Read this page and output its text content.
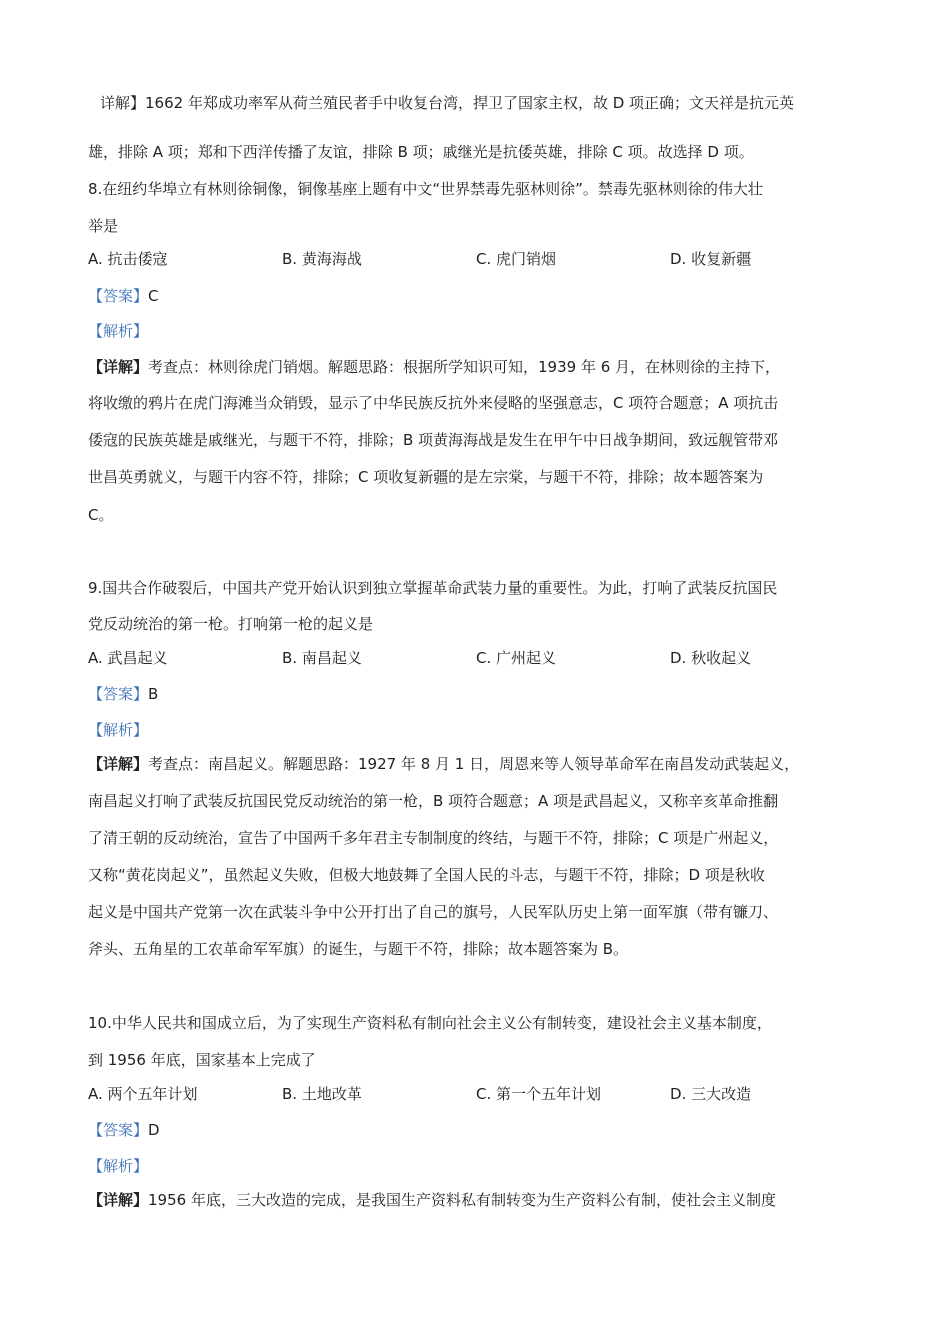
详解】1662 年郑成功率军从荷兰殖民者手中收复台湾，捍卫了国家主权，故 D 项正确；文天祥是抗元英
雄，排除 A 项；郑和下西洋传播了友谊，排除 B 项；戚继光是抗倭英雄，排除 C 项。故选择 D 项。
8.在纽约华埠立有林则徐铜像，铜像基座上题有中文“世界禁毒先驱林则徐”。禁毒先驱林则徐的伟大壮
举是
A. 抗击倭寇	B. 黄海海战	C. 虎门销烟	D. 收复新疆
【答案】C
【解析】
【详解】考查点：林则徐虎门销烟。解题思路：根据所学知识可知，1939 年 6 月，在林则徐的主持下，
将收缴的鸦片在虎门海滩当众销毁，显示了中华民族反抗外来侵略的坚强意志，C 项符合题意；A 项抗击
倭寇的民族英雄是戚继光，与题干不符，排除；B 项黄海海战是发生在甲午中日战争期间，致远舰管带邓
世昌英勇就义，与题干内容不符，排除；C 项收复新疆的是左宗棠，与题干不符，排除；故本题答案为
C。
9.国共合作破裂后，中国共产党开始认识到独立掌握革命武装力量的重要性。为此，打响了武装反抗国民
党反动统治的第一枪。打响第一枪的起义是
A. 武昌起义	B. 南昌起义	C. 广州起义	D. 秋收起义
【答案】B
【解析】
【详解】考查点：南昌起义。解题思路：1927 年 8 月 1 日，周恩来等人领导革命军在南昌发动武装起义，
南昌起义打响了武装反抗国民党反动统治的第一枪，B 项符合题意；A 项是武昌起义，又称辛亥革命推翻
了清王朝的反动统治，宣告了中国两千多年君主专制制度的终结，与题干不符，排除；C 项是广州起义，
又称“黄花岗起义”，虽然起义失败，但极大地鼓舞了全国人民的斗志，与题干不符，排除；D 项是秋收
起义是中国共产党第一次在武装斗争中公开打出了自己的旗号，人民军队历史上第一面军旗（带有镰刀、
斧头、五角星的工农革命军军旗）的诞生，与题干不符，排除；故本题答案为 B。
10.中华人民共和国成立后，为了实现生产资料私有制向社会主义公有制转变，建设社会主义基本制度，
到 1956 年底，国家基本上完成了
A. 两个五年计划	B. 土地改革	C. 第一个五年计划	D. 三大改造
【答案】D
【解析】
【详解】1956 年底，三大改造的完成，是我国生产资料私有制转变为生产资料公有制，使社会主义制度
